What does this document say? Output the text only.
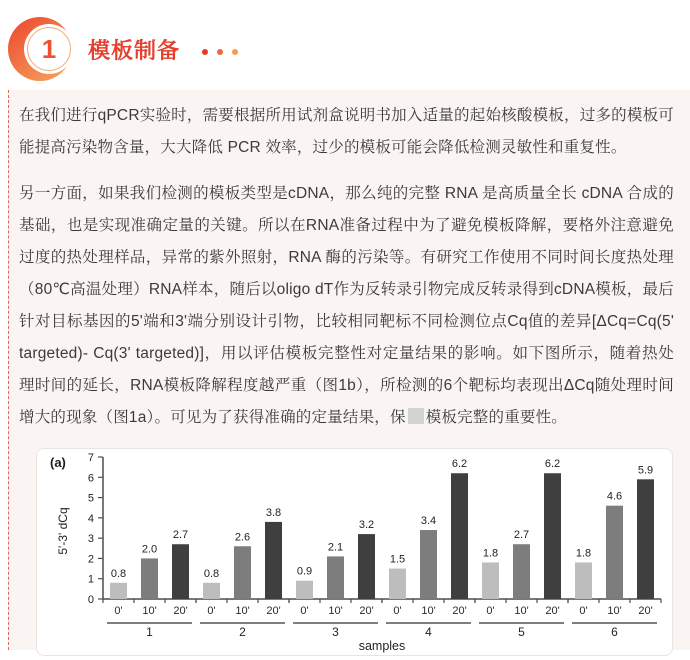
1 模板制备

在我们进行qPCR实验时，需要根据所用试剂盒说明书加入适量的起始核酸模板，过多的模板可能提高污染物含量，大大降低 PCR 效率，过少的模板可能会降低检测灵敏性和重复性。

另一方面，如果我们检测的模板类型是cDNA，那么纯的完整 RNA 是高质量全长 cDNA 合成的基础，也是实现准确定量的关键。所以在RNA准备过程中为了避免模板降解，要格外注意避免过度的热处理样品，异常的紫外照射，RNA 酶的污染等。有研究工作使用不同时间长度热处理（80℃高温处理）RNA样本，随后以oligo dT作为反转录引物完成反转录得到cDNA模板，最后针对目标基因的5'端和3'端分别设计引物，比较相同靶标不同检测位点Cq值的差异[ΔCq=Cq(5' targeted)- Cq(3' targeted)]，用以评估模板完整性对定量结果的影响。如下图所示，随着热处理时间的延长，RNA模板降解程度越严重（图1b），所检测的6个靶标均表现出ΔCq随处理时间增大的现象（图1a）。可见为了获得准确的定量结果，保 模板完整的重要性。

(a)
0
1
2
3
4
5
6
7
5'-3' dCq
0.8
0'
2.0
10'
2.7
20'
1
0.8
0'
2.6
10'
3.8
20'
2
0.9
0'
2.1
10'
3.2
20'
3
1.5
0'
3.4
10'
6.2
20'
4
1.8
0'
2.7
10'
6.2
20'
5
1.8
0'
4.6
10'
5.9
20'
6
samples
